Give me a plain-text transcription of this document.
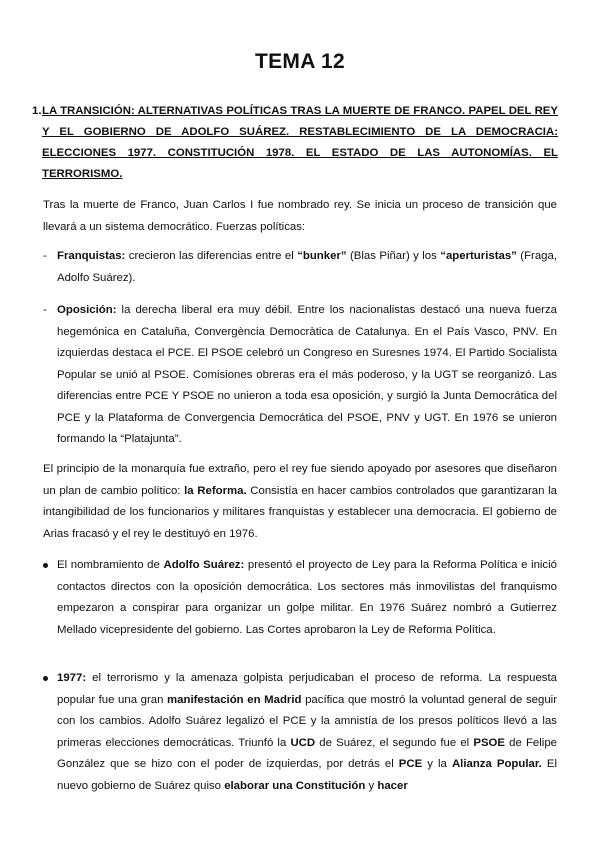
TEMA 12
1. LA TRANSICIÓN: ALTERNATIVAS POLÍTICAS TRAS LA MUERTE DE FRANCO. PAPEL DEL REY Y EL GOBIERNO DE ADOLFO SUÁREZ. RESTABLECIMIENTO DE LA DEMOCRACIA: ELECCIONES 1977. CONSTITUCIÓN 1978. EL ESTADO DE LAS AUTONOMÍAS. EL TERRORISMO.
Tras la muerte de Franco, Juan Carlos I fue nombrado rey. Se inicia un proceso de transición que llevará a un sistema democrático. Fuerzas políticas:
- Franquistas: crecieron las diferencias entre el “bunker” (Blas Piñar) y los “aperturistas” (Fraga, Adolfo Suárez).
- Oposición: la derecha liberal era muy débil. Entre los nacionalistas destacó una nueva fuerza hegemónica en Cataluña, Convergència Democràtica de Catalunya. En el País Vasco, PNV. En izquierdas destaca el PCE. El PSOE celebró un Congreso en Suresnes 1974. El Partido Socialista Popular se unió al PSOE. Comisiones obreras era el más poderoso, y la UGT se reorganizó. Las diferencias entre PCE Y PSOE no unieron a toda esa oposición, y surgió la Junta Democrática del PCE y la Plataforma de Convergencia Democrática del PSOE, PNV y UGT. En 1976 se unieron formando la “Platajunta”.
El principio de la monarquía fue extraño, pero el rey fue siendo apoyado por asesores que diseñaron un plan de cambio político: la Reforma. Consistía en hacer cambios controlados que garantizaran la intangibilidad de los funcionarios y militares franquistas y establecer una democracia. El gobierno de Arias fracasó y el rey le destituyó en 1976.
El nombramiento de Adolfo Suárez: presentó el proyecto de Ley para la Reforma Política e inició contactos directos con la oposición democrática. Los sectores más inmovilistas del franquismo empezaron a conspirar para organizar un golpe militar. En 1976 Suárez nombró a Gutierrez Mellado vicepresidente del gobierno. Las Cortes aprobaron la Ley de Reforma Política.
1977: el terrorismo y la amenaza golpista perjudicaban el proceso de reforma. La respuesta popular fue una gran manifestación en Madrid pacífica que mostró la voluntad general de seguir con los cambios. Adolfo Suárez legalizó el PCE y la amnistía de los presos políticos llevó a las primeras elecciones democráticas. Triunfó la UCD de Suárez, el segundo fue el PSOE de Felipe González que se hizo con el poder de izquierdas, por detrás el PCE y la Alianza Popular. El nuevo gobierno de Suárez quiso elaborar una Constitución y hacer
